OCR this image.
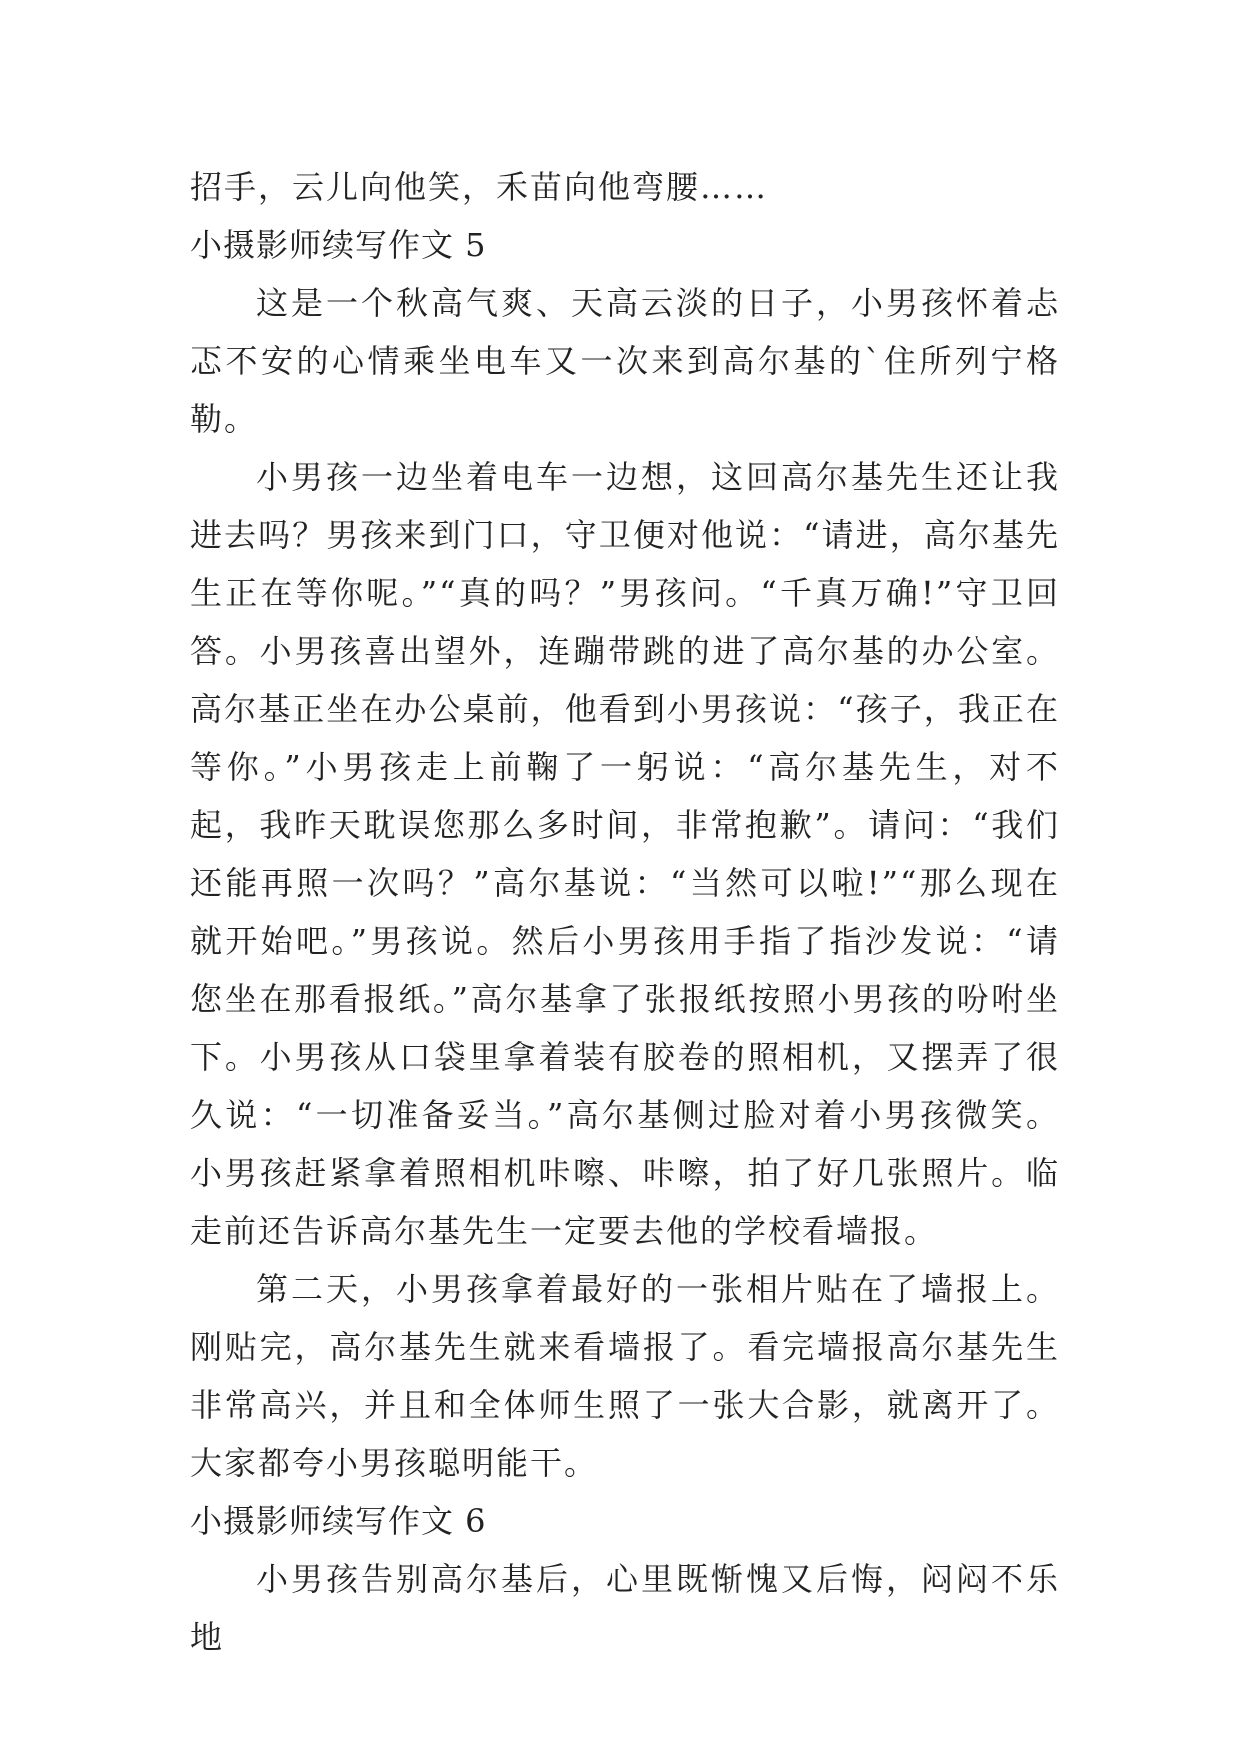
招手，云儿向他笑，禾苗向他弯腰……
小摄影师续写作文 5
这是一个秋高气爽、天高云淡的日子，小男孩怀着忐忑不安的心情乘坐电车又一次来到高尔基的`住所列宁格勒。
小男孩一边坐着电车一边想，这回高尔基先生还让我进去吗？男孩来到门口，守卫便对他说：“请进，高尔基先生正在等你呢。”“真的吗？”男孩问。“千真万确!”守卫回答。小男孩喜出望外，连蹦带跳的进了高尔基的办公室。高尔基正坐在办公桌前，他看到小男孩说：“孩子，我正在等你。”小男孩走上前鞠了一躬说：“高尔基先生，对不起，我昨天耽误您那么多时间，非常抱歉”。请问：“我们还能再照一次吗？”高尔基说：“当然可以啦!”“那么现在就开始吧。”男孩说。然后小男孩用手指了指沙发说：“请您坐在那看报纸。”高尔基拿了张报纸按照小男孩的吩咐坐下。小男孩从口袋里拿着装有胶卷的照相机，又摆弄了很久说：“一切准备妥当。”高尔基侧过脸对着小男孩微笑。小男孩赶紧拿着照相机咔嚓、咔嚓，拍了好几张照片。临走前还告诉高尔基先生一定要去他的学校看墙报。
第二天，小男孩拿着最好的一张相片贴在了墙报上。刚贴完，高尔基先生就来看墙报了。看完墙报高尔基先生非常高兴，并且和全体师生照了一张大合影，就离开了。大家都夸小男孩聪明能干。
小摄影师续写作文 6
小男孩告别高尔基后，心里既惭愧又后悔，闷闷不乐地
